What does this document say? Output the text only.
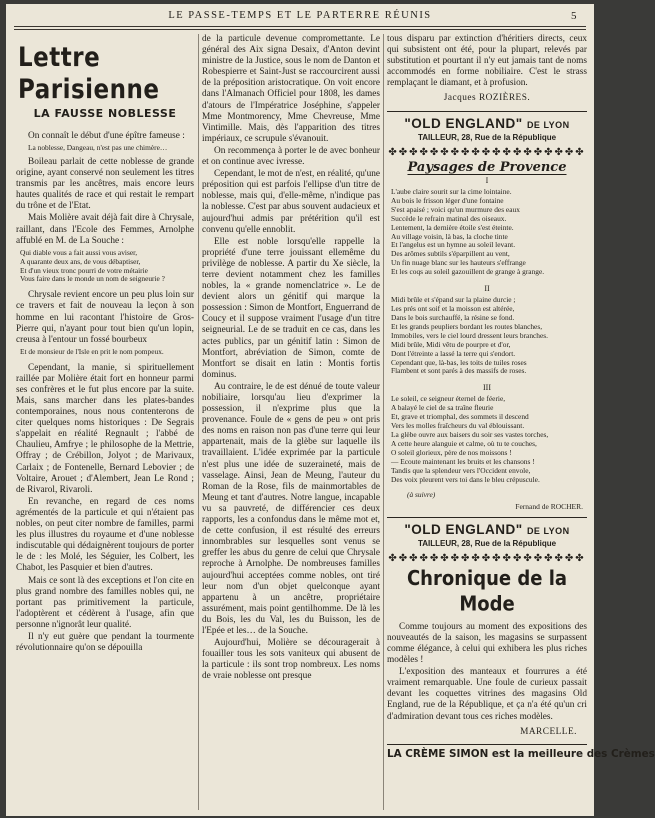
LE PASSE-TEMPS ET LE PARTERRE RÉUNIS	5
Lettre Parisienne
LA FAUSSE NOBLESSE

On connaît le début d'une épître fameuse :

La noblesse, Dangeau, n'est pas une chimère…

Boileau parlait de cette noblesse de grande origine, ayant conservé non seulement les titres transmis par les ancêtres, mais encore leurs hautes qualités de race et qui restait le rempart du trône et de l'Etat.

Mais Molière avait déjà fait dire à Chrysale, raillant, dans l'Ecole des Femmes, Arnolphe affublé en M. de La Souche :

Qui diable vous a fait aussi vous aviser,
A quarante deux ans, de vous débaptiser,
Et d'un vieux tronc pourri de votre métairie
Vous faire dans le monde un nom de seigneurie ?

Chrysale revient encore un peu plus loin sur ce travers et fait de nouveau la leçon à son homme en lui racontant l'histoire de Gros-Pierre qui, n'ayant pour tout bien qu'un lopin, creusa à l'entour un fossé bourbeux

Et de monsieur de l'Isle en prit le nom pompeux.

Cependant, la manie, si spirituellement raillée par Molière était fort en honneur parmi ses confrères et le fut plus encore par la suite. Mais, sans marcher dans les plates-bandes contemporaines, nous nous contenterons de citer quelques noms historiques : De Segrais s'appelait en réalité Regnault ; l'abbé de Chaulieu, Amfrye ; le philosophe de la Mettrie, Offray ; de Crébillon, Jolyot ; de Marivaux, Carlaix ; de Fontenelle, Bernard Lebovier ; de Voltaire, Arouet ; d'Alembert, Jean Le Rond ; de Rivarol, Rivaroli.

En revanche, en regard de ces noms agrémentés de la particule et qui n'étaient pas nobles, on peut citer nombre de familles, parmi les plus illustres du royaume et d'une noblesse indiscutable qui dédaignèrent toujours de porter le de : les Molé, les Séguier, les Colbert, les Chabot, les Pasquier et bien d'autres.

Mais ce sont là des exceptions et l'on cite en plus grand nombre des familles nobles qui, ne portant pas primitivement la particule, l'adoptèrent et cédèrent à l'usage, afin que personne n'ignorât leur qualité.

Il n'y eut guère que pendant la tourmente révolutionnaire qu'on se dépouilla

de la particule devenue compromettante. Le général des Aix signa Desaix, d'Anton devint ministre de la Justice, sous le nom de Danton et Robespierre et Saint-Just se raccourcirent aussi de la préposition aristocratique. On voit encore dans l'Almanach Officiel pour 1808, les dames d'atours de l'Impératrice Joséphine, s'appeler Mme Montmorency, Mme Chevreuse, Mme Vintimille. Mais, dès l'apparition des titres impériaux, ce scrupule s'évanouit.

On recommença à porter le de avec bonheur et on continue avec ivresse.

Cependant, le mot de n'est, en réalité, qu'une préposition qui est parfois l'ellipse d'un titre de noblesse, mais qui, d'elle-même, n'indique pas la noblesse. C'est par abus souvent audacieux et aujourd'hui admis par prétérition qu'il est convenu qu'elle ennoblit.

Elle est noble lorsqu'elle rappelle la propriété d'une terre jouissant ellemême du privilège de noblesse. A partir du Xe siècle, la terre devient notamment chez les familles nobles, la « grande nomenclatrice ». Le de devient alors un génitif qui marque la possession : Simon de Montfort, Enguerrand de Coucy et il suppose vraiment l'usage d'un titre seigneurial. Le de se traduit en ce cas, dans les actes publics, par un génitif latin : Simon de Montfort, abréviation de Simon, comte de Montfort se disait en latin : Montis fortis dominus.

Au contraire, le de est dénué de toute valeur nobiliaire, lorsqu'au lieu d'exprimer la possession, il n'exprime plus que la provenance. Foule de « gens de peu » ont pris des noms en raison non pas d'une terre qui leur appartenait, mais de la glèbe sur laquelle ils travaillaient. L'idée exprimée par la particule n'est plus une idée de suzeraineté, mais de vasselage. Ainsi, Jean de Meung, l'auteur du Roman de la Rose, fils de mainmortables de Meung et tant d'autres. Notre langue, incapable vu sa pauvreté, de différencier ces deux rapports, les a confondus dans le même mot et, de cette confusion, il est résulté des erreurs innombrables sur lesquelles sont venus se greffer les abus du genre de celui que Chrysale reproche à Arnolphe. De nombreuses familles aujourd'hui acceptées comme nobles, ont tiré leur nom d'un objet quelconque ayant appartenu à un ancêtre, propriétaire assurément, mais point gentilhomme. De là les du Bois, les du Val, les du Buisson, les de l'Epée et les… de la Souche.

Aujourd'hui, Molière se découragerait à fouailler tous les sots vaniteux qui abusent de la particule : ils sont trop nombreux. Les noms de vraie noblesse ont presque

tous disparu par extinction d'héritiers directs, ceux qui subsistent ont été, pour la plupart, relevés par substitution et pourtant il n'y eut jamais tant de noms accommodés en forme nobiliaire. C'est le strass remplaçant le diamant, et à profusion.

Jacques ROZIÈRES.
"OLD ENGLAND" DE LYON
TAILLEUR, 28, Rue de la République
✤✤✤✤✤✤✤✤✤✤✤✤✤✤✤✤✤✤✤
Paysages de Provence
I
L'aube claire sourit sur la cime lointaine.
Au bois le frisson léger d'une fontaine
S'est apaisé ; voici qu'un murmure des eaux
Succède le refrain matinal des oiseaux.
Lentement, la dernière étoile s'est éteinte.
Au village voisin, là bas, la cloche tinte
Et l'angelus est un hymne au soleil levant.
Des arômes subtils s'éparpillent au vent,
Un fin nuage blanc sur les hauteurs s'effrange
Et les coqs au soleil gazouillent de grange à grange.
II
Midi brûle et s'épand sur la plaine durcie ;
Les prés ont soif et la moisson est altérée,
Dans le bois surchauffé, la résine se fond.
Et les grands peupliers bordant les routes blanches,
Immobiles, vers le ciel lourd dressent leurs branches.
Midi brûle, Midi vêtu de pourpre et d'or,
Dont l'étreinte a lassé la terre qui s'endort.
Cependant que, là-bas, les toits de tuiles roses
Flambent et sont parés à des massifs de roses.
III
Le soleil, ce seigneur éternel de féerie,
A balayé le ciel de sa traîne fleurie
Et, grave et triomphal, des sommets il descend
Vers les molles fraîcheurs du val éblouissant.
La glèbe ouvre aux baisers du soir ses vastes torches,
A cette heure alanguie et calme, où tu te couches,
O soleil glorieux, père de nos moissons !
— Ecoute maintenant les bruits et les chansons !
Tandis que la splendeur vers l'Occident envole,
Des voix pleurent vers toi dans le bleu crépuscule.
(à suivre)
Fernand de ROCHER.
"OLD ENGLAND" DE LYON
TAILLEUR, 28, Rue de la République
✤✤✤✤✤✤✤✤✤✤✤✤✤✤✤✤✤✤✤
Chronique de la Mode

Comme toujours au moment des expositions des nouveautés de la saison, les magasins se surpassent comme élégance, à celui qui exhibera les plus riches modèles !

L'exposition des manteaux et fourrures a été vraiment remarquable. Une foule de curieux passait devant les coquettes vitrines des magasins Old England, rue de la République, et ça n'a été qu'un cri d'admiration devant tous ces riches modèles.

MARCELLE.
LA CRÈME SIMON est la meilleure des Crèmes
